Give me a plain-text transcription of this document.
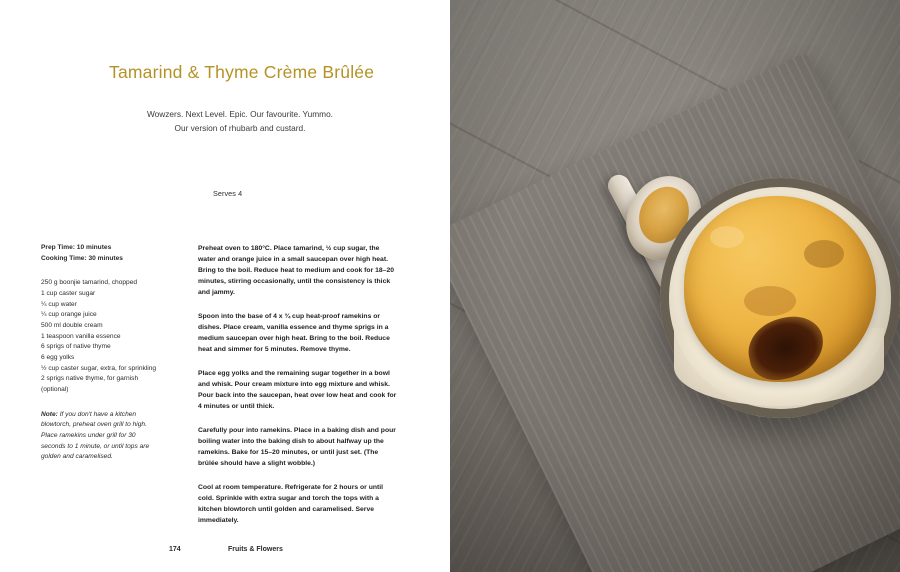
Tamarind & Thyme Crème Brûlée
Wowzers. Next Level. Epic. Our favourite. Yummo.
Our version of rhubarb and custard.
Serves 4
Prep Time: 10 minutes
Cooking Time: 30 minutes
250 g boonjie tamarind, chopped
1 cup caster sugar
¼ cup water
¼ cup orange juice
500 ml double cream
1 teaspoon vanilla essence
6 sprigs of native thyme
6 egg yolks
½ cup caster sugar, extra, for sprinkling
2 sprigs native thyme, for garnish
(optional)
Note: If you don't have a kitchen blowtorch, preheat oven grill to high. Place ramekins under grill for 30 seconds to 1 minute, or until tops are golden and caramelised.

Preheat oven to 180°C. Place tamarind, ½ cup sugar, the water and orange juice in a small saucepan over high heat. Bring to the boil. Reduce heat to medium and cook for 18–20 minutes, stirring occasionally, until the consistency is thick and jammy.

Spoon into the base of 4 x ¾ cup heat-proof ramekins or dishes. Place cream, vanilla essence and thyme sprigs in a medium saucepan over high heat. Bring to the boil. Reduce heat and simmer for 5 minutes. Remove thyme.

Place egg yolks and the remaining sugar together in a bowl and whisk. Pour cream mixture into egg mixture and whisk. Pour back into the saucepan, heat over low heat and cook for 4 minutes or until thick.

Carefully pour into ramekins. Place in a baking dish and pour boiling water into the baking dish to about halfway up the ramekins. Bake for 15–20 minutes, or until just set. (The brûlée should have a slight wobble.)

Cool at room temperature. Refrigerate for 2 hours or until cold. Sprinkle with extra sugar and torch the tops with a kitchen blowtorch until golden and caramelised. Serve immediately.

174	Fruits & Flowers
